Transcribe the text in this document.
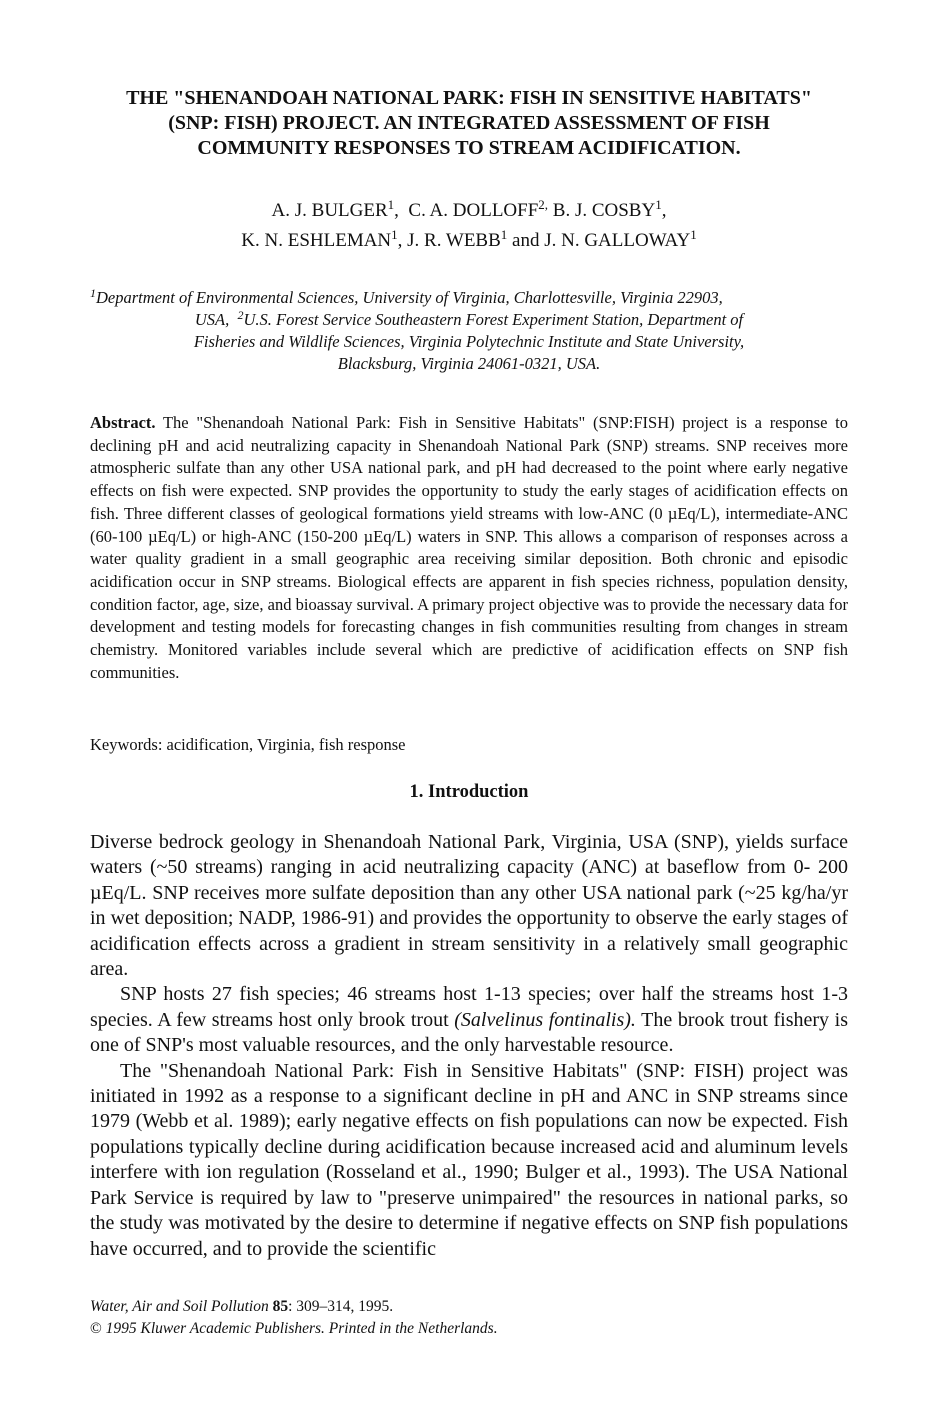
THE "SHENANDOAH NATIONAL PARK: FISH IN SENSITIVE HABITATS"
(SNP: FISH) PROJECT. AN INTEGRATED ASSESSMENT OF FISH
COMMUNITY RESPONSES TO STREAM ACIDIFICATION.
A. J. BULGER$^1$,  C. A. $DOLLOFF^{2,}$ B. J. COSBY$^1$,
K. N. ESHLEMAN$^1$, J. R. WEBB$^1$ and J. N. GALLOWAY$^1$
$^1$Department of Environmental Sciences, University of Virginia, Charlottesville, Virginia 22903,
USA, $^2$U.S. Forest Service Southeastern Forest Experiment Station, Department of
Fisheries and Wildlife Sciences, Virginia Polytechnic Institute and State University,
Blacksburg, Virginia 24061-0321, USA.
Abstract. The "Shenandoah National Park: Fish in Sensitive Habitats" (SNP:FISH) project is a response to declining pH and acid neutralizing capacity in Shenandoah National Park (SNP) streams. SNP receives more atmospheric sulfate than any other USA national park, and pH had decreased to the point where early negative effects on fish were expected. SNP provides the opportunity to study the early stages of acidification effects on fish. Three different classes of geological formations yield streams with low-ANC (0 µEq/L), intermediate-ANC (60-100 µEq/L) or high-ANC (150-200 µEq/L) waters in SNP. This allows a comparison of responses across a water quality gradient in a small geographic area receiving similar deposition. Both chronic and episodic acidification occur in SNP streams. Biological effects are apparent in fish species richness, population density, condition factor, age, size, and bioassay survival. A primary project objective was to provide the necessary data for development and testing models for forecasting changes in fish communities resulting from changes in stream chemistry. Monitored variables include several which are predictive of acidification effects on SNP fish communities.
Keywords: acidification, Virginia, fish response
1. Introduction

Diverse bedrock geology in Shenandoah National Park, Virginia, USA (SNP), yields surface waters (~50 streams) ranging in acid neutralizing capacity (ANC) at baseflow from 0- 200 µEq/L. SNP receives more sulfate deposition than any other USA national park (~25 kg/ha/yr in wet deposition; NADP, 1986-91) and provides the opportunity to observe the early stages of acidification effects across a gradient in stream sensitivity in a relatively small geographic area.

SNP hosts 27 fish species; 46 streams host 1-13 species; over half the streams host 1-3 species. A few streams host only brook trout (Salvelinus fontinalis). The brook trout fishery is one of SNP's most valuable resources, and the only harvestable resource.

The "Shenandoah National Park: Fish in Sensitive Habitats" (SNP: FISH) project was initiated in 1992 as a response to a significant decline in pH and ANC in SNP streams since 1979 (Webb et al. 1989); early negative effects on fish populations can now be expected. Fish populations typically decline during acidification because increased acid and aluminum levels interfere with ion regulation (Rosseland et al., 1990; Bulger et al., 1993). The USA National Park Service is required by law to "preserve unimpaired" the resources in national parks, so the study was motivated by the desire to determine if negative effects on SNP fish populations have occurred, and to provide the scientific

Water, Air and Soil Pollution 85: 309–314, 1995.
© 1995 Kluwer Academic Publishers. Printed in the Netherlands.
